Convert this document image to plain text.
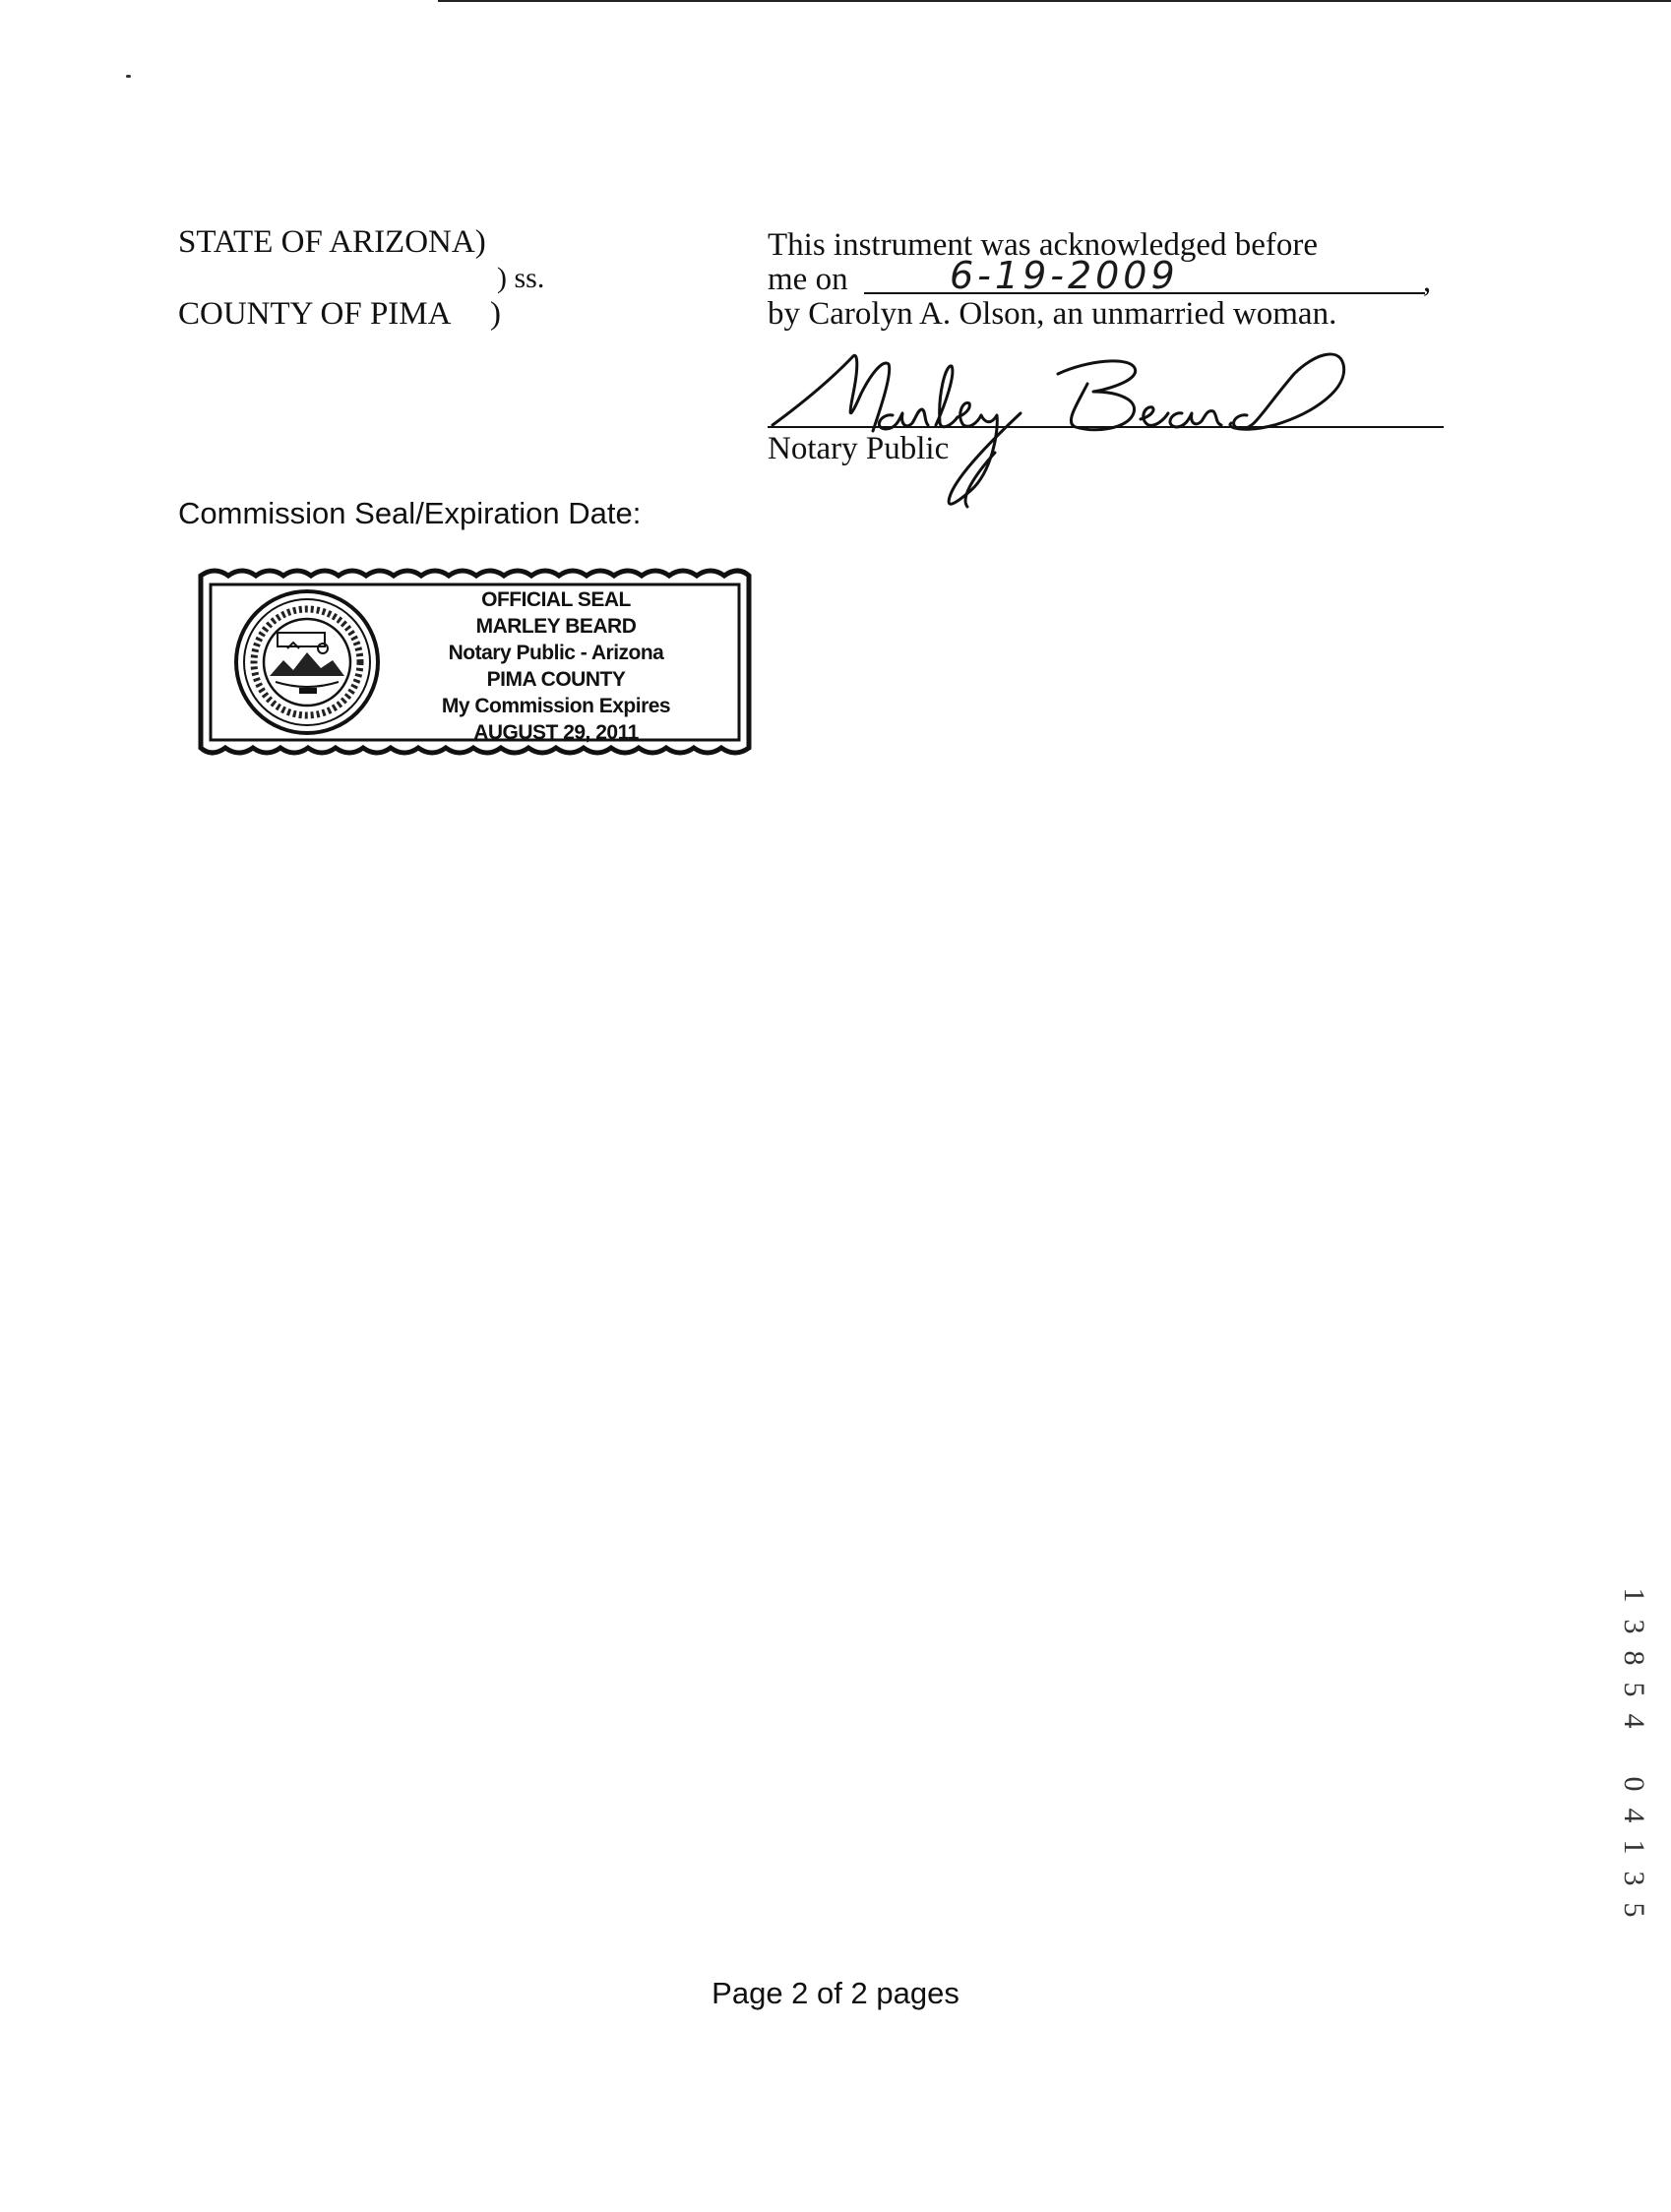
STATE OF ARIZONA)
) ss.
COUNTY OF PIMA )
This instrument was acknowledged before
me on	6-19-2009	,
by Carolyn A. Olson, an unmarried woman.
Notary Public
Commission Seal/Expiration Date:
OFFICIAL SEAL
MARLEY BEARD
Notary Public - Arizona
PIMA COUNTY
My Commission Expires
AUGUST 29, 2011
1
3
8
5
4
0
4
1
3
5
Page 2 of 2 pages
